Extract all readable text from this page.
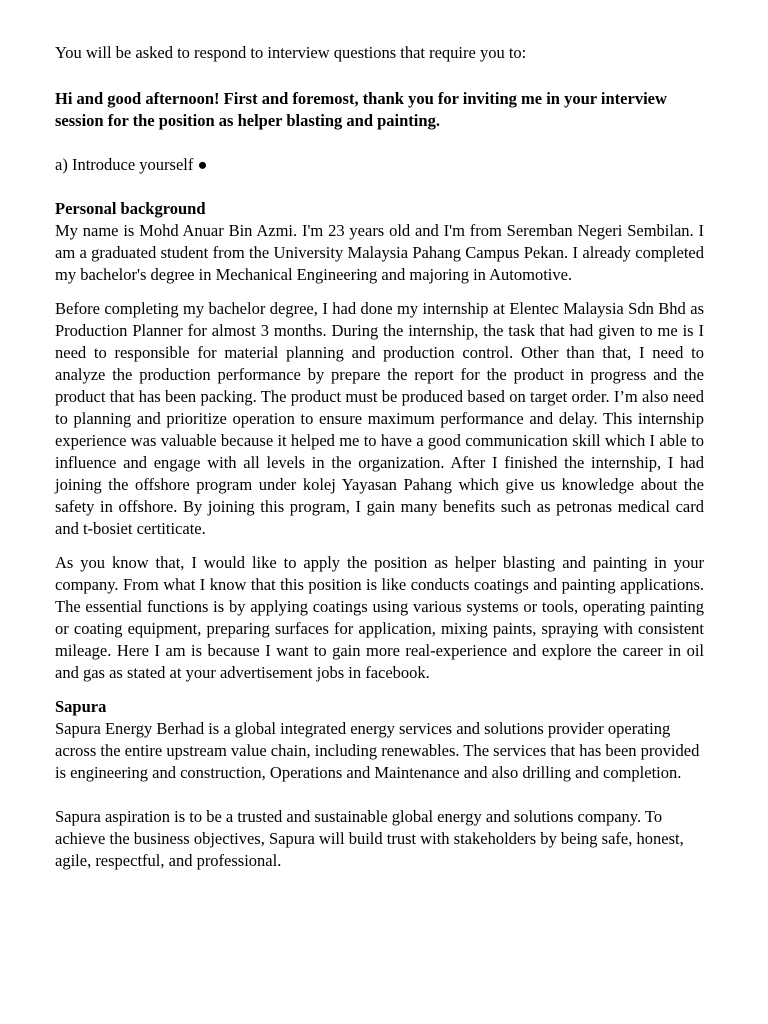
You will be asked to respond to interview questions that require you to:

Hi and good afternoon! First and foremost, thank you for inviting me in your interview session for the position as helper blasting and painting.

a) Introduce yourself ●

Personal background

My name is Mohd Anuar Bin Azmi. I'm 23 years old and I'm from Seremban Negeri Sembilan. I am a graduated student from the University Malaysia Pahang Campus Pekan. I already completed my bachelor's degree in Mechanical Engineering and majoring in Automotive.

Before completing my bachelor degree, I had done my internship at Elentec Malaysia Sdn Bhd as Production Planner for almost 3 months. During the internship, the task that had given to me is I need to responsible for material planning and production control. Other than that, I need to analyze the production performance by prepare the report for the product in progress and the product that has been packing. The product must be produced based on target order. I’m also need to planning and prioritize operation to ensure maximum performance and delay. This internship experience was valuable because it helped me to have a good communication skill which I able to influence and engage with all levels in the organization. After I finished the internship, I had joining the offshore program under kolej Yayasan Pahang which give us knowledge about the safety in offshore. By joining this program, I gain many benefits such as petronas medical card and t-bosiet certiticate.

As you know that, I would like to apply the position as helper blasting and painting in your company. From what I know that this position is like conducts coatings and painting applications. The essential functions is by applying coatings using various systems or tools, operating painting or coating equipment, preparing surfaces for application, mixing paints, spraying with consistent mileage. Here I am is because I want to gain more real-experience and explore the career in oil and gas as stated at your advertisement jobs in facebook.

Sapura

Sapura Energy Berhad is a global integrated energy services and solutions provider operating across the entire upstream value chain, including renewables. The services that has been provided is engineering and construction, Operations and Maintenance and also drilling and completion.

Sapura aspiration is to be a trusted and sustainable global energy and solutions company. To achieve the business objectives, Sapura will build trust with stakeholders by being safe, honest, agile, respectful, and professional.
